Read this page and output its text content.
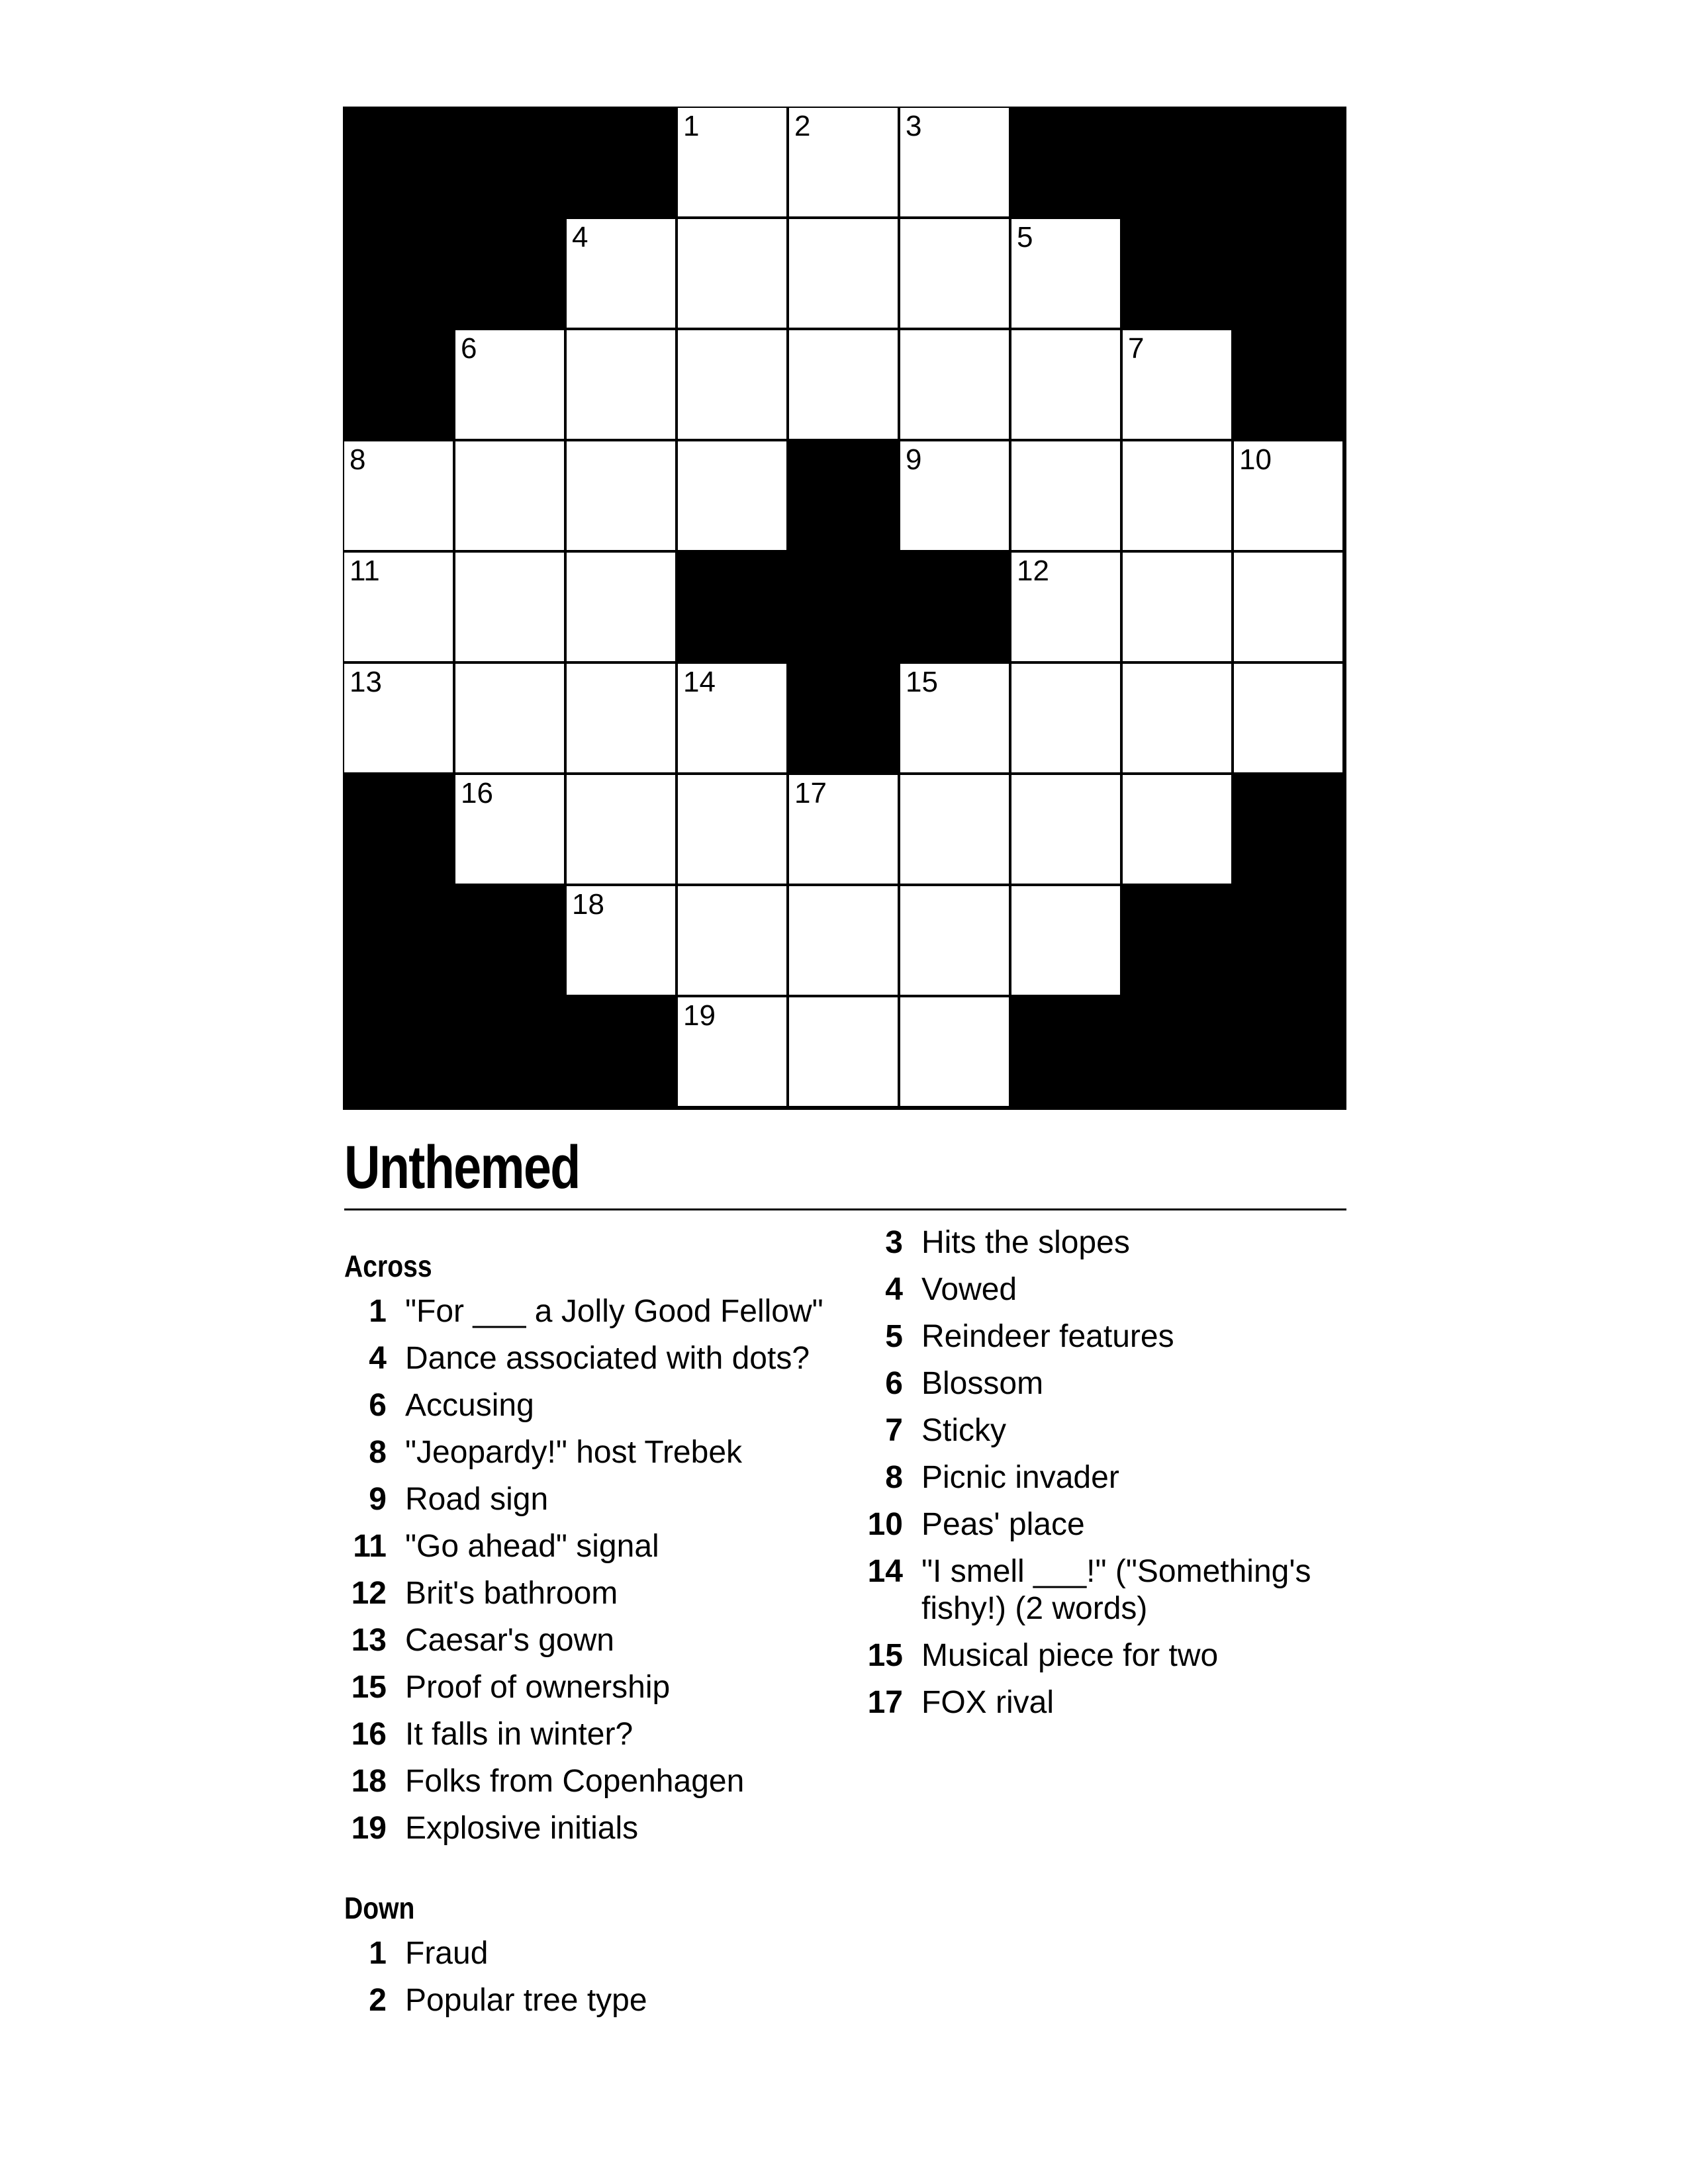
1	2	3
4	5
6	7
8	9	10
11	12
13	14	15
16	17
18
19
Unthemed
Across
1 "For ___ a Jolly Good Fellow"
4 Dance associated with dots?
6 Accusing
8 "Jeopardy!" host Trebek
9 Road sign
11 "Go ahead" signal
12 Brit's bathroom
13 Caesar's gown
15 Proof of ownership
16 It falls in winter?
18 Folks from Copenhagen
19 Explosive initials
Down
1 Fraud
2 Popular tree type
3 Hits the slopes
4 Vowed
5 Reindeer features
6 Blossom
7 Sticky
8 Picnic invader
10 Peas' place
14 "I smell ___!" ("Something's fishy!) (2 words)
15 Musical piece for two
17 FOX rival
